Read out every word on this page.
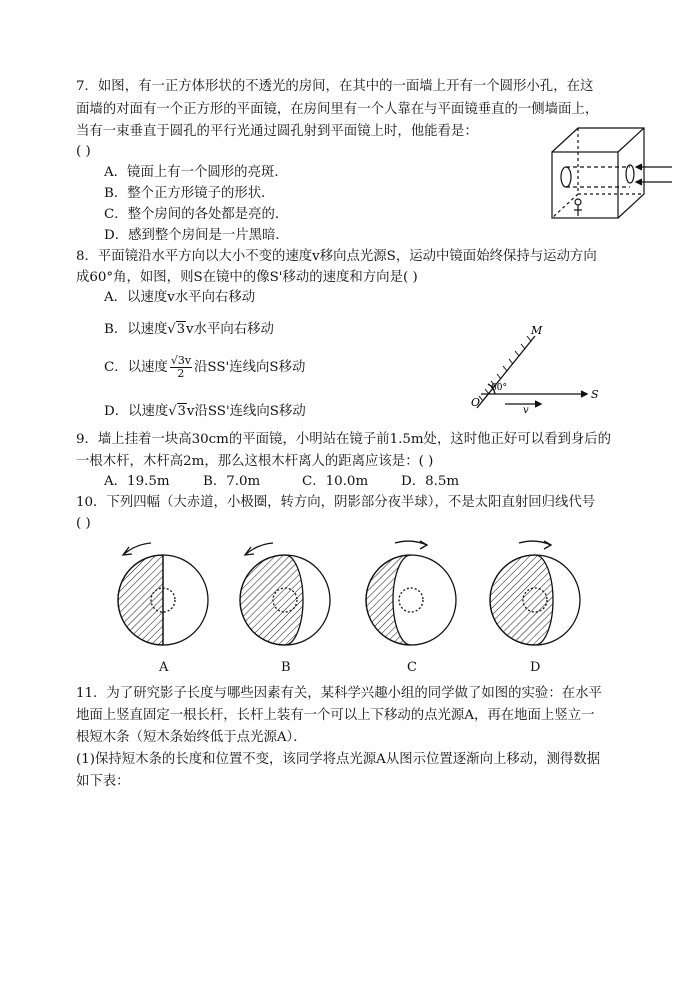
7．如图，有一正方体形状的不透光的房间，在其中的一面墙上开有一个圆形小孔，在这
面墙的对面有一个正方形的平面镜，在房间里有一个人靠在与平面镜垂直的一侧墙面上，
当有一束垂直于圆孔的平行光通过圆孔射到平面镜上时，他能看是：
( )
A．镜面上有一个圆形的亮斑．
B．整个正方形镜子的形状．
C．整个房间的各处都是亮的．
D．感到整个房间是一片黑暗．
8．平面镜沿水平方向以大小不变的速度v移向点光源S，运动中镜面始终保持与运动方向
成60°角，如图，则S在镜中的像S'移动的速度和方向是( )
A．以速度v水平向右移动
B．以速度√3v水平向右移动
C．以速度 $\frac{√3v}{2}$ 沿SS'连线向S移动
D．以速度√3v沿SS'连线向S移动
M
60°
O
v
S
9．墙上挂着一块高30cm的平面镜，小明站在镜子前1.5m处，这时他正好可以看到身后的
一根木杆，木杆高2m，那么这根木杆离人的距离应该是：( )
A．19.5m B．7.0m	C．10.0m D．8.5m
10．下列四幅（大赤道，小极圈，转方向，阴影部分夜半球），不是太阳直射回归线代号
( )
A	B	C	D
11．为了研究影子长度与哪些因素有关，某科学兴趣小组的同学做了如图的实验：在水平
地面上竖直固定一根长杆，长杆上装有一个可以上下移动的点光源A，再在地面上竖立一
根短木条（短木条始终低于点光源A）．
(1)保持短木条的长度和位置不变，该同学将点光源A从图示位置逐渐向上移动，测得数据
如下表：
